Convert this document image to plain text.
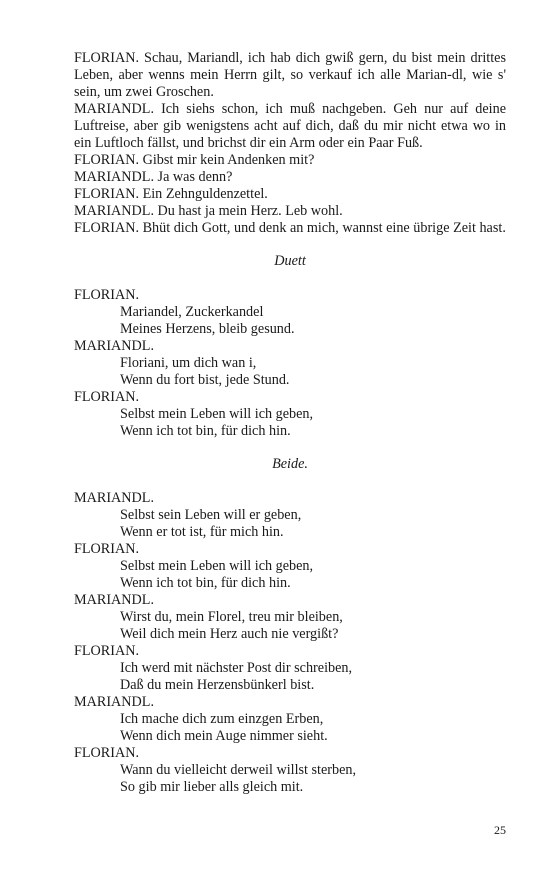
FLORIAN. Schau, Mariandl, ich hab dich gwiß gern, du bist mein drittes Leben, aber wenns mein Herrn gilt, so verkauf ich alle Marian-dl, wie s' sein, um zwei Groschen.

MARIANDL. Ich siehs schon, ich muß nachgeben. Geh nur auf deine Luftreise, aber gib wenigstens acht auf dich, daß du mir nicht etwa wo in ein Luftloch fällst, und brichst dir ein Arm oder ein Paar Fuß.

FLORIAN. Gibst mir kein Andenken mit?

MARIANDL. Ja was denn?

FLORIAN. Ein Zehnguldenzettel.

MARIANDL. Du hast ja mein Herz. Leb wohl.

FLORIAN. Bhüt dich Gott, und denk an mich, wannst eine übrige Zeit hast.

Duett

FLORIAN.

Mariandel, Zuckerkandel

Meines Herzens, bleib gesund.

MARIANDL.

Floriani, um dich wan i,

Wenn du fort bist, jede Stund.

FLORIAN.

Selbst mein Leben will ich geben,

Wenn ich tot bin, für dich hin.

Beide.

MARIANDL.

Selbst sein Leben will er geben,

Wenn er tot ist, für mich hin.

FLORIAN.

Selbst mein Leben will ich geben,

Wenn ich tot bin, für dich hin.

MARIANDL.

Wirst du, mein Florel, treu mir bleiben,

Weil dich mein Herz auch nie vergißt?

FLORIAN.

Ich werd mit nächster Post dir schreiben,

Daß du mein Herzensbünkerl bist.

MARIANDL.

Ich mache dich zum einzgen Erben,

Wenn dich mein Auge nimmer sieht.

FLORIAN.

Wann du vielleicht derweil willst sterben,

So gib mir lieber alls gleich mit.

25
